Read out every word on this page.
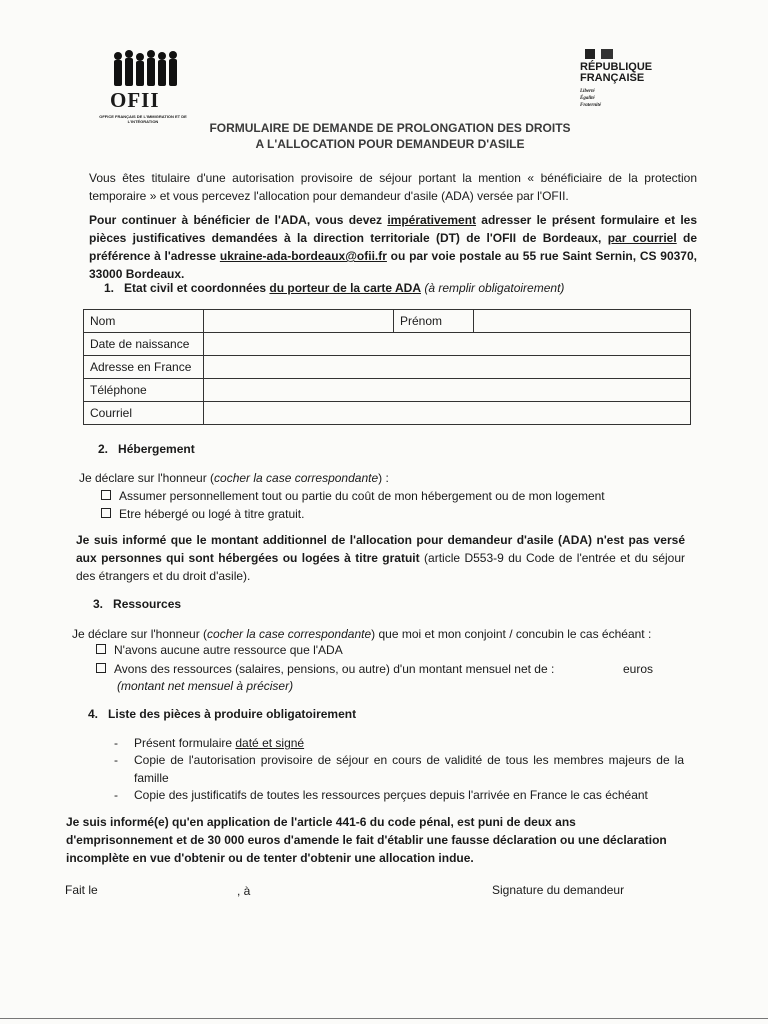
OFII
OFFICE FRANÇAIS DE L'IMMIGRATION ET DE L'INTÉGRATION
RÉPUBLIQUE
FRANÇAISE
Liberté
Égalité
Fraternité
FORMULAIRE DE DEMANDE DE PROLONGATION DES DROITS
A L'ALLOCATION POUR DEMANDEUR D'ASILE
Vous êtes titulaire d'une autorisation provisoire de séjour portant la mention « bénéficiaire de la protection temporaire » et vous percevez l'allocation pour demandeur d'asile (ADA) versée par l'OFII.
Pour continuer à bénéficier de l'ADA, vous devez impérativement adresser le présent formulaire et les pièces justificatives demandées à la direction territoriale (DT) de l'OFII de Bordeaux, par courriel de préférence à l'adresse ukraine-ada-bordeaux@ofii.fr ou par voie postale au 55 rue Saint Sernin, CS 90370, 33000 Bordeaux.
1. Etat civil et coordonnées du porteur de la carte ADA (à remplir obligatoirement)
Nom		Prénom	
Date de naissance			
Adresse en France			
Téléphone			
Courriel			
2. Hébergement
Je déclare sur l'honneur (cocher la case correspondante) :
Assumer personnellement tout ou partie du coût de mon hébergement ou de mon logement
Etre hébergé ou logé à titre gratuit.
Je suis informé que le montant additionnel de l'allocation pour demandeur d'asile (ADA) n'est pas versé aux personnes qui sont hébergées ou logées à titre gratuit (article D553-9 du Code de l'entrée et du séjour des étrangers et du droit d'asile).
3. Ressources
Je déclare sur l'honneur (cocher la case correspondante) que moi et mon conjoint / concubin le cas échéant :
N'avons aucune autre ressource que l'ADA
Avons des ressources (salaires, pensions, ou autre) d'un montant mensuel net de :	euros
(montant net mensuel à préciser)
4. Liste des pièces à produire obligatoirement
- Présent formulaire daté et signé
-	Copie de l'autorisation provisoire de séjour en cours de validité de tous les membres majeurs de la famille
- Copie des justificatifs de toutes les ressources perçues depuis l'arrivée en France le cas échéant
Je suis informé(e) qu'en application de l'article 441-6 du code pénal, est puni de deux ans d'emprisonnement et de 30 000 euros d'amende le fait d'établir une fausse déclaration ou une déclaration incomplète en vue d'obtenir ou de tenter d'obtenir une allocation indue.
Fait le	, à	Signature du demandeur
